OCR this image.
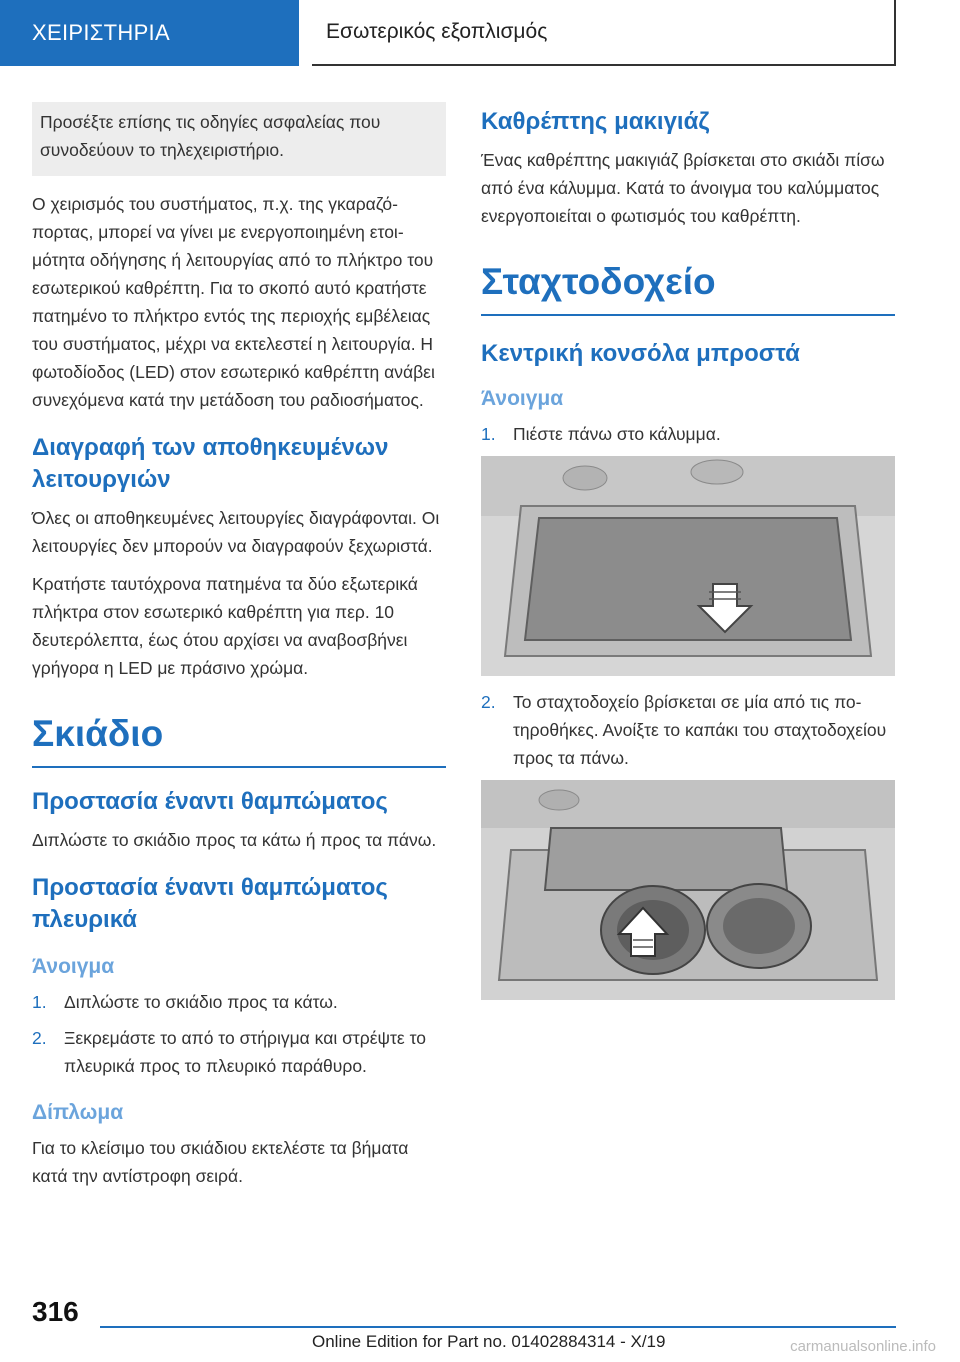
ΧΕΙΡΙΣΤΗΡΙΑ	Εσωτερικός εξοπλισμός
Προσέξτε επίσης τις οδηγίες ασφαλείας που συνοδεύουν το τηλεχειριστήριο.

Ο χειρισμός του συστήματος, π.χ. της γκαραζόπορτας, μπορεί να γίνει με ενεργοποιημένη ετοιμότητα οδήγησης ή λειτουργίας από το πλήκτρο του εσωτερικού καθρέπτη. Για το σκοπό αυτό κρατήστε πατημένο το πλήκτρο εντός της περιοχής εμβέλειας του συστήματος, μέχρι να εκτελεστεί η λειτουργία. Η φωτοδίοδος (LED) στον εσωτερικό καθρέπτη ανάβει συνεχόμενα κατά την μετάδοση του ραδιοσήματος.

Διαγραφή των αποθηκευμένων λειτουργιών

Όλες οι αποθηκευμένες λειτουργίες διαγράφονται. Οι λειτουργίες δεν μπορούν να διαγραφούν ξεχωριστά.

Κρατήστε ταυτόχρονα πατημένα τα δύο εξωτερικά πλήκτρα στον εσωτερικό καθρέπτη για περ. 10 δευτερόλεπτα, έως ότου αρχίσει να αναβοσβήνει γρήγορα η LED με πράσινο χρώμα.

Σκιάδιο
Προστασία έναντι θαμπώματος

Διπλώστε το σκιάδιο προς τα κάτω ή προς τα πάνω.

Προστασία έναντι θαμπώματος πλευρικά
Άνοιγμα
1. Διπλώστε το σκιάδιο προς τα κάτω.
2. Ξεκρεμάστε το από το στήριγμα και στρέψτε το πλευρικά προς το πλευρικό παράθυρο.
Δίπλωμα

Για το κλείσιμο του σκιάδιου εκτελέστε τα βήματα κατά την αντίστροφη σειρά.

Καθρέπτης μακιγιάζ

Ένας καθρέπτης μακιγιάζ βρίσκεται στο σκιάδι πίσω από ένα κάλυμμα. Κατά το άνοιγμα του καλύμματος ενεργοποιείται ο φωτισμός του καθρέπτη.

Σταχτοδοχείο
Κεντρική κονσόλα μπροστά
Άνοιγμα
1. Πιέστε πάνω στο κάλυμμα.
2. Το σταχτοδοχείο βρίσκεται σε μία από τις ποτηροθήκες. Ανοίξτε το καπάκι του σταχτοδοχείου προς τα πάνω.
316
Online Edition for Part no. 01402884314 - X/19	carmanualsonline.info
